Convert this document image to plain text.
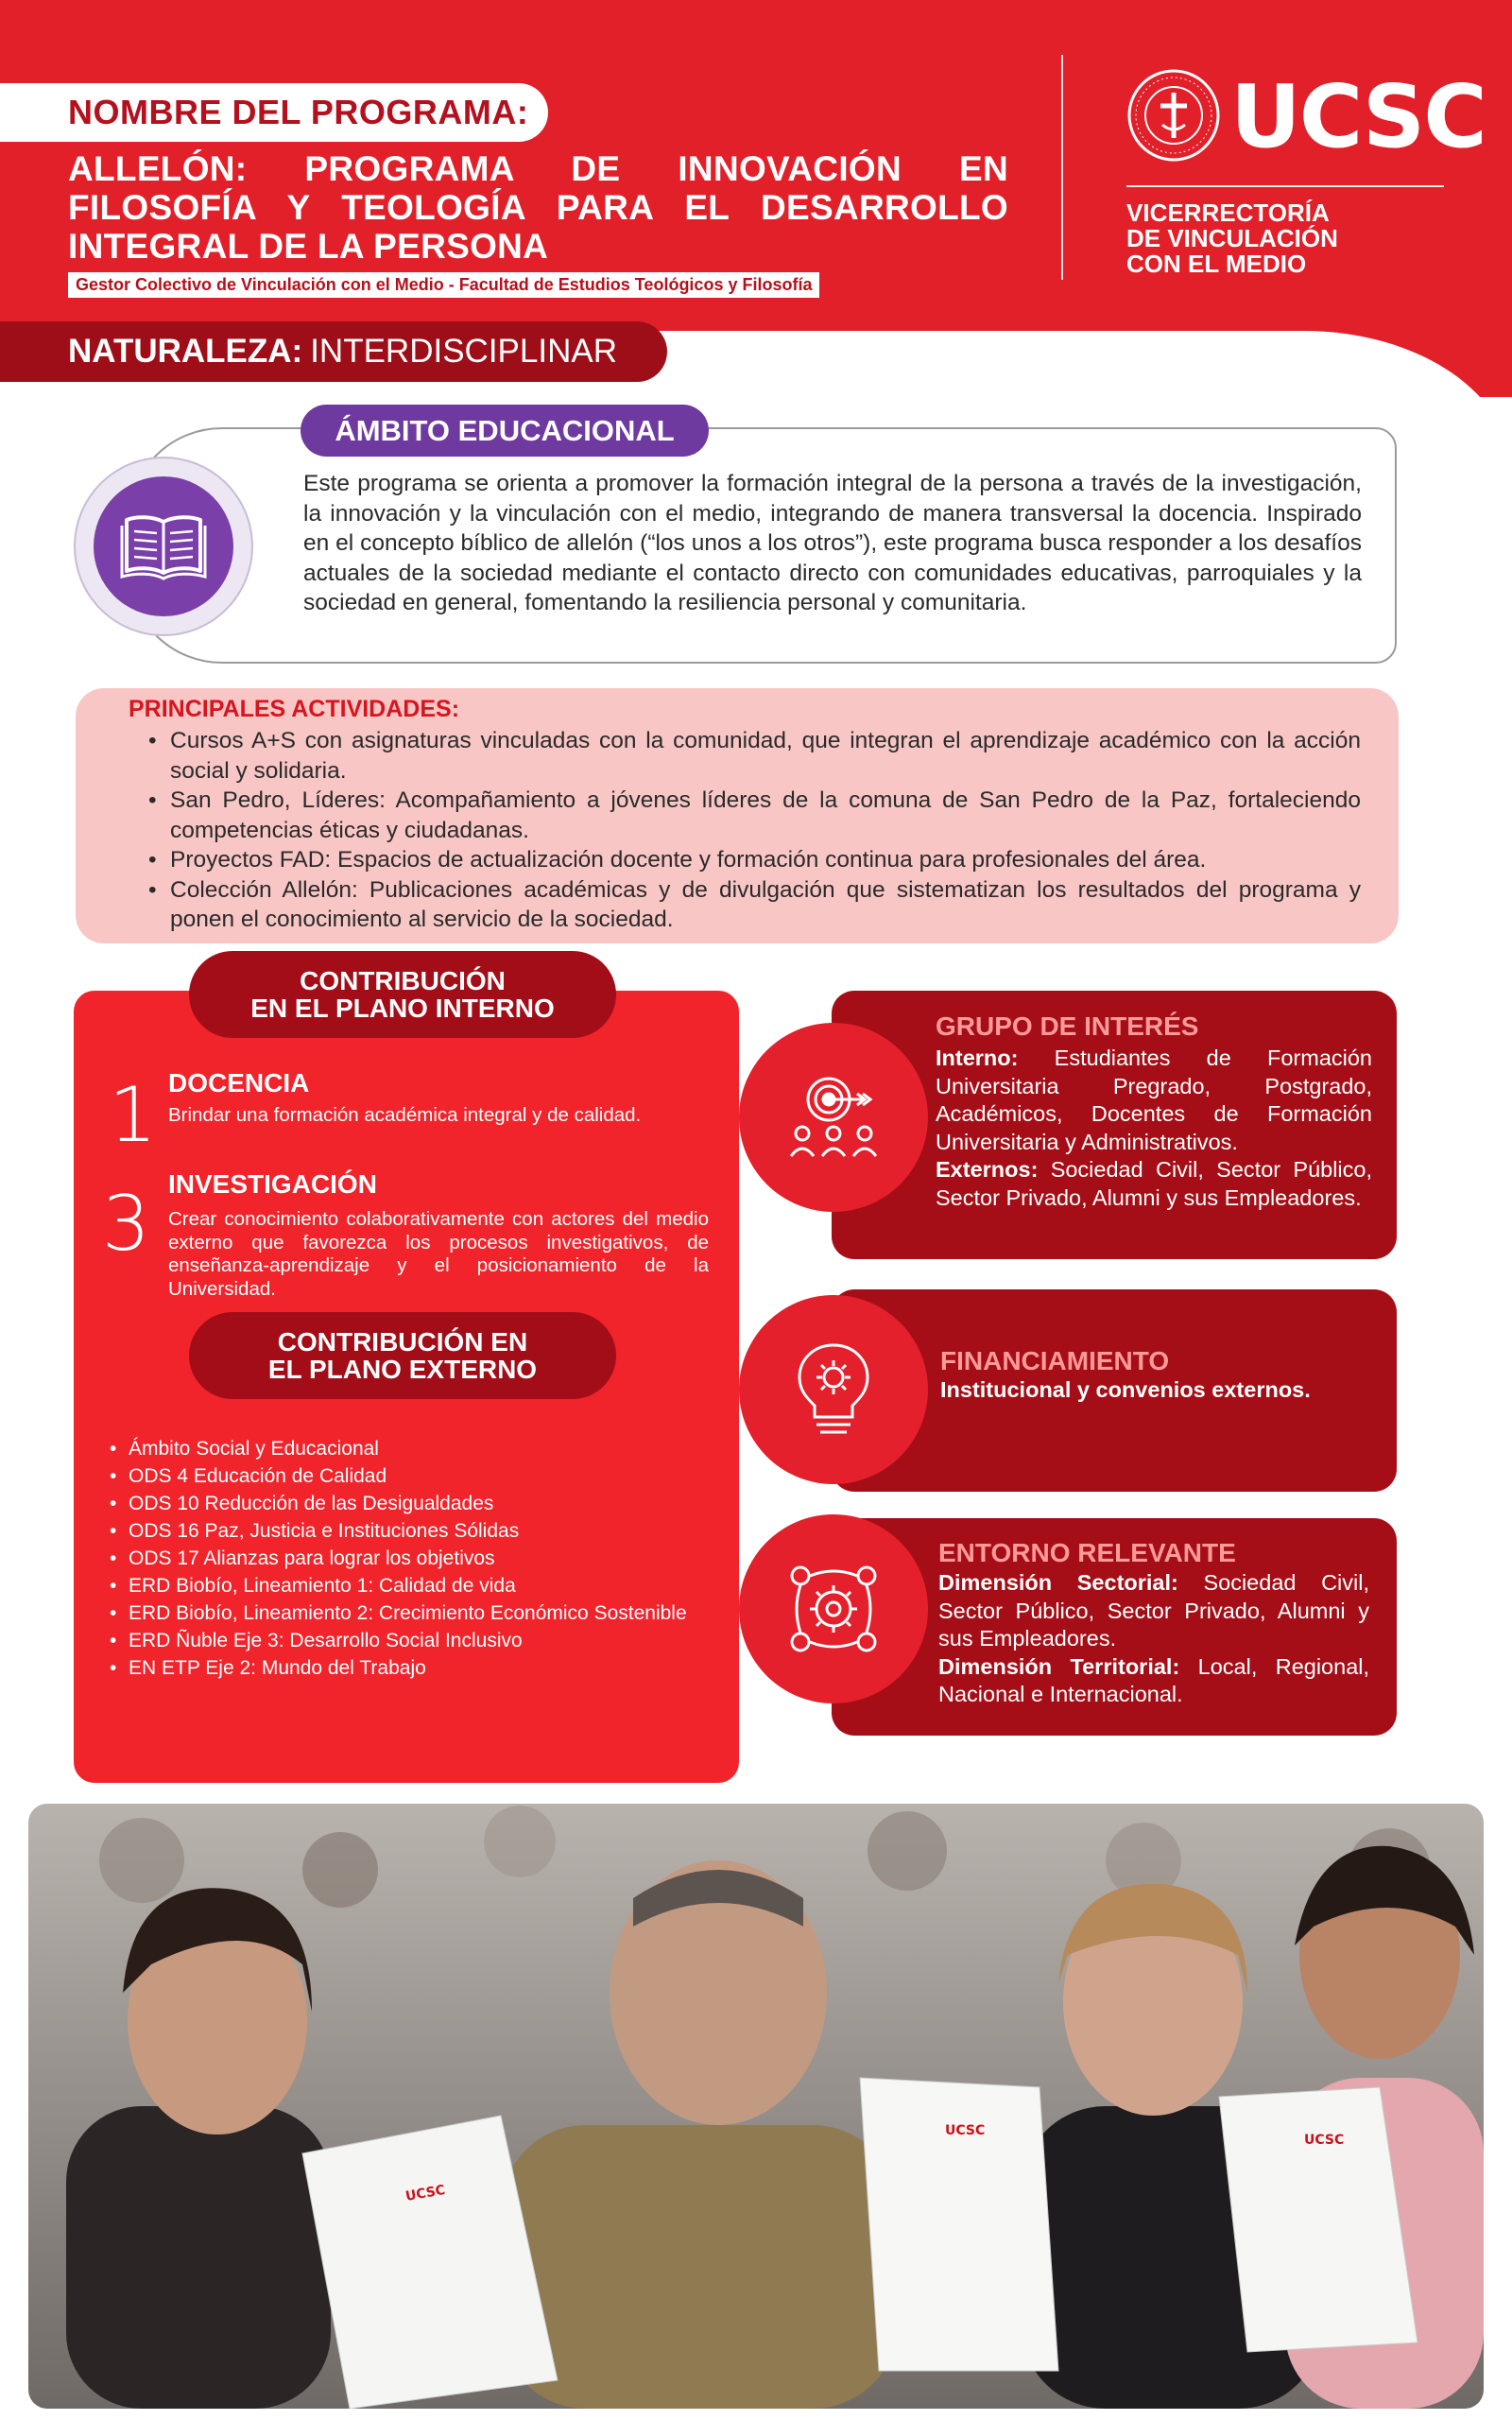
NOMBRE DEL PROGRAMA:
ALLELÓN: PROGRAMA DE INNOVACIÓN EN
FILOSOFÍA Y TEOLOGÍA PARA EL DESARROLLO
INTEGRAL DE LA PERSONA
Gestor Colectivo de Vinculación con el Medio - Facultad de Estudios Teológicos y Filosofía
UCSC
VICERRECTORÍA
DE VINCULACIÓN
CON EL MEDIO
NATURALEZA: INTERDISCIPLINAR
ÁMBITO EDUCACIONAL
Este programa se orienta a promover la formación integral de la persona a través de la investigación, la innovación y la vinculación con el medio, integrando de manera transversal la docencia. Inspirado en el concepto bíblico de allelón (“los unos a los otros”), este programa busca responder a los desafíos actuales de la sociedad mediante el contacto directo con comunidades educativas, parroquiales y la sociedad en general, fomentando la resiliencia personal y comunitaria.
PRINCIPALES ACTIVIDADES:
• Cursos A+S con asignaturas vinculadas con la comunidad, que integran el aprendizaje académico con la acción social y solidaria.
• San Pedro, Líderes: Acompañamiento a jóvenes líderes de la comuna de San Pedro de la Paz, fortaleciendo competencias éticas y ciudadanas.
• Proyectos FAD: Espacios de actualización docente y formación continua para profesionales del área.
• Colección Allelón: Publicaciones académicas y de divulgación que sistematizan los resultados del programa y ponen el conocimiento al servicio de la sociedad.
CONTRIBUCIÓN
EN EL PLANO INTERNO
1 DOCENCIA
Brindar una formación académica integral y de calidad.
3 INVESTIGACIÓN
Crear conocimiento colaborativamente con actores del medio externo que favorezca los procesos investigativos, de enseñanza-aprendizaje y el posicionamiento de la Universidad.
CONTRIBUCIÓN EN
EL PLANO EXTERNO
• Ámbito Social y Educacional
• ODS 4 Educación de Calidad
• ODS 10 Reducción de las Desigualdades
• ODS 16 Paz, Justicia e Instituciones Sólidas
• ODS 17 Alianzas para lograr los objetivos
• ERD Biobío, Lineamiento 1: Calidad de vida
• ERD Biobío, Lineamiento 2: Crecimiento Económico Sostenible
• ERD Ñuble Eje 3: Desarrollo Social Inclusivo
• EN ETP Eje 2: Mundo del Trabajo
GRUPO DE INTERÉS
Interno: Estudiantes de Formación Universitaria Pregrado, Postgrado, Académicos, Docentes de Formación Universitaria y Administrativos.
Externos: Sociedad Civil, Sector Público, Sector Privado, Alumni y sus Empleadores.
FINANCIAMIENTO
Institucional y convenios externos.
ENTORNO RELEVANTE
Dimensión Sectorial: Sociedad Civil, Sector Público, Sector Privado, Alumni y sus Empleadores.
Dimensión Territorial: Local, Regional, Nacional e Internacional.
UCSC
UCSC
UCSC
